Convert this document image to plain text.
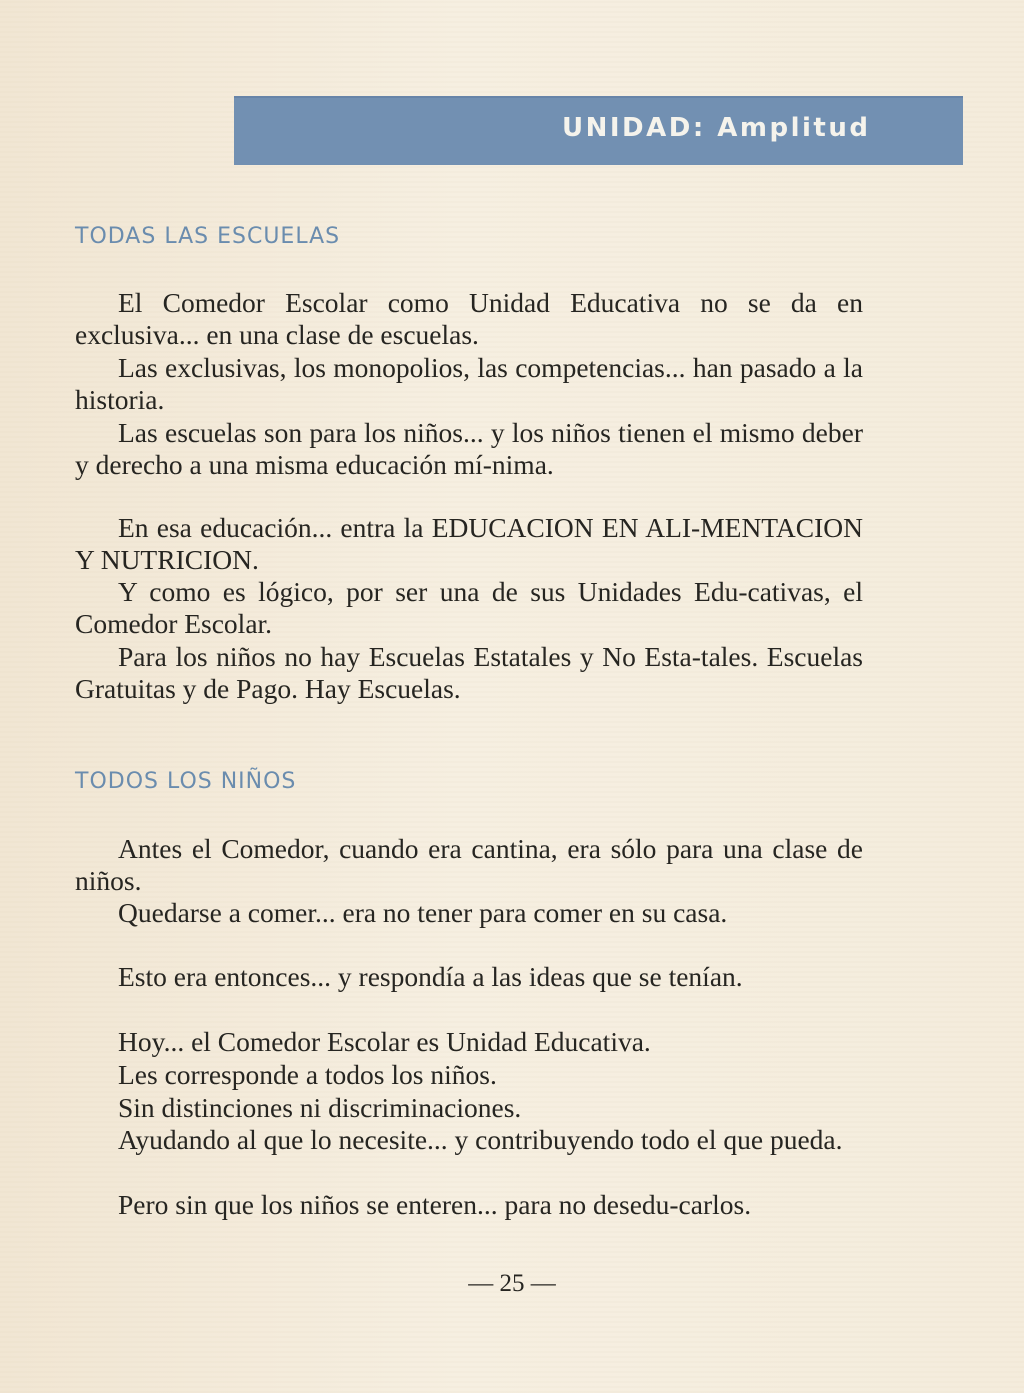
UNIDAD: Amplitud
TODAS LAS ESCUELAS

El Comedor Escolar como Unidad Educativa no se da en exclusiva... en una clase de escuelas.

Las exclusivas, los monopolios, las competencias... han pasado a la historia.

Las escuelas son para los niños... y los niños tienen el mismo deber y derecho a una misma educación mí-nima.

En esa educación... entra la EDUCACION EN ALI-MENTACION Y NUTRICION.

Y como es lógico, por ser una de sus Unidades Edu-cativas, el Comedor Escolar.

Para los niños no hay Escuelas Estatales y No Esta-tales. Escuelas Gratuitas y de Pago. Hay Escuelas.

TODOS LOS NIÑOS

Antes el Comedor, cuando era cantina, era sólo para una clase de niños.

Quedarse a comer... era no tener para comer en su casa.

Esto era entonces... y respondía a las ideas que se tenían.

Hoy... el Comedor Escolar es Unidad Educativa.

Les corresponde a todos los niños.

Sin distinciones ni discriminaciones.

Ayudando al que lo necesite... y contribuyendo todo el que pueda.

Pero sin que los niños se enteren... para no desedu-carlos.

— 25 —
